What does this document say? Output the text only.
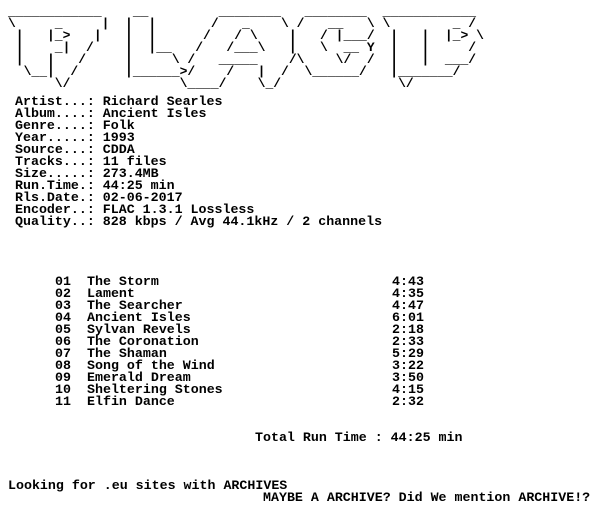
____________    __         ________   ________  ____________
\     _     |  |  |       /   _    \ /   __   \ \        _ /
|   |_>   |   |  |      /   / \    |   / |___/  |   |  |_> \
|    _|  /    |  |__   /   /___\   |   \  __ Y  |   |     /
|   |   /     |     \ /   _____    /\    \/  /  |   |  ___/
\__|  /      |______>/    /   |  /  \______/   |_______/
\/              \____/    \_/               \/
Artist...: Richard Searles
Album....: Ancient Isles
Genre....: Folk
Year.....: 1993
Source...: CDDA
Tracks...: 11 files
Size.....: 273.4MB
Run.Time.: 44:25 min
Rls.Date.: 02-06-2017
Encoder..: FLAC 1.3.1 Lossless
Quality..: 828 kbps / Avg 44.1kHz / 2 channels
01 The Storm	4:43
02 Lament	4:35
03 The Searcher	4:47
04 Ancient Isles	6:01
05 Sylvan Revels	2:18
06 The Coronation	2:33
07 The Shaman	5:29
08 Song of the Wind	3:22
09 Emerald Dream	3:50
10 Sheltering Stones	4:15
11 Elfin Dance	2:32
Total Run Time : 44:25 min
Looking for .eu sites with ARCHIVES
MAYBE A ARCHIVE? Did We mention ARCHIVE!?
